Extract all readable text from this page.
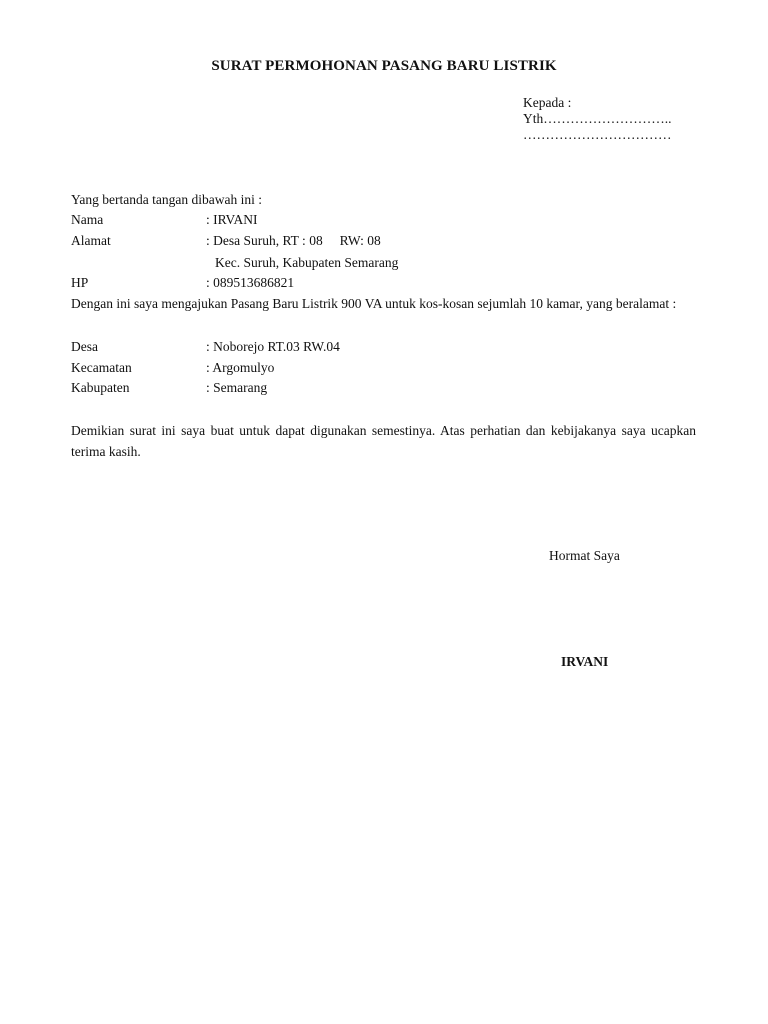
SURAT PERMOHONAN PASANG BARU LISTRIK
Kepada :
Yth………………………..
……………………………
Yang bertanda tangan dibawah ini :
Nama	: IRVANI
Alamat	: Desa Suruh, RT : 08     RW: 08
Kec. Suruh, Kabupaten Semarang
HP	: 089513686821
Dengan ini saya mengajukan Pasang Baru Listrik 900 VA untuk kos-kosan sejumlah 10 kamar, yang beralamat :
Desa	: Noborejo RT.03 RW.04
Kecamatan	: Argomulyo
Kabupaten	: Semarang
Demikian surat ini saya buat untuk dapat digunakan semestinya. Atas perhatian dan kebijakanya saya ucapkan terima kasih.
Hormat Saya
IRVANI
